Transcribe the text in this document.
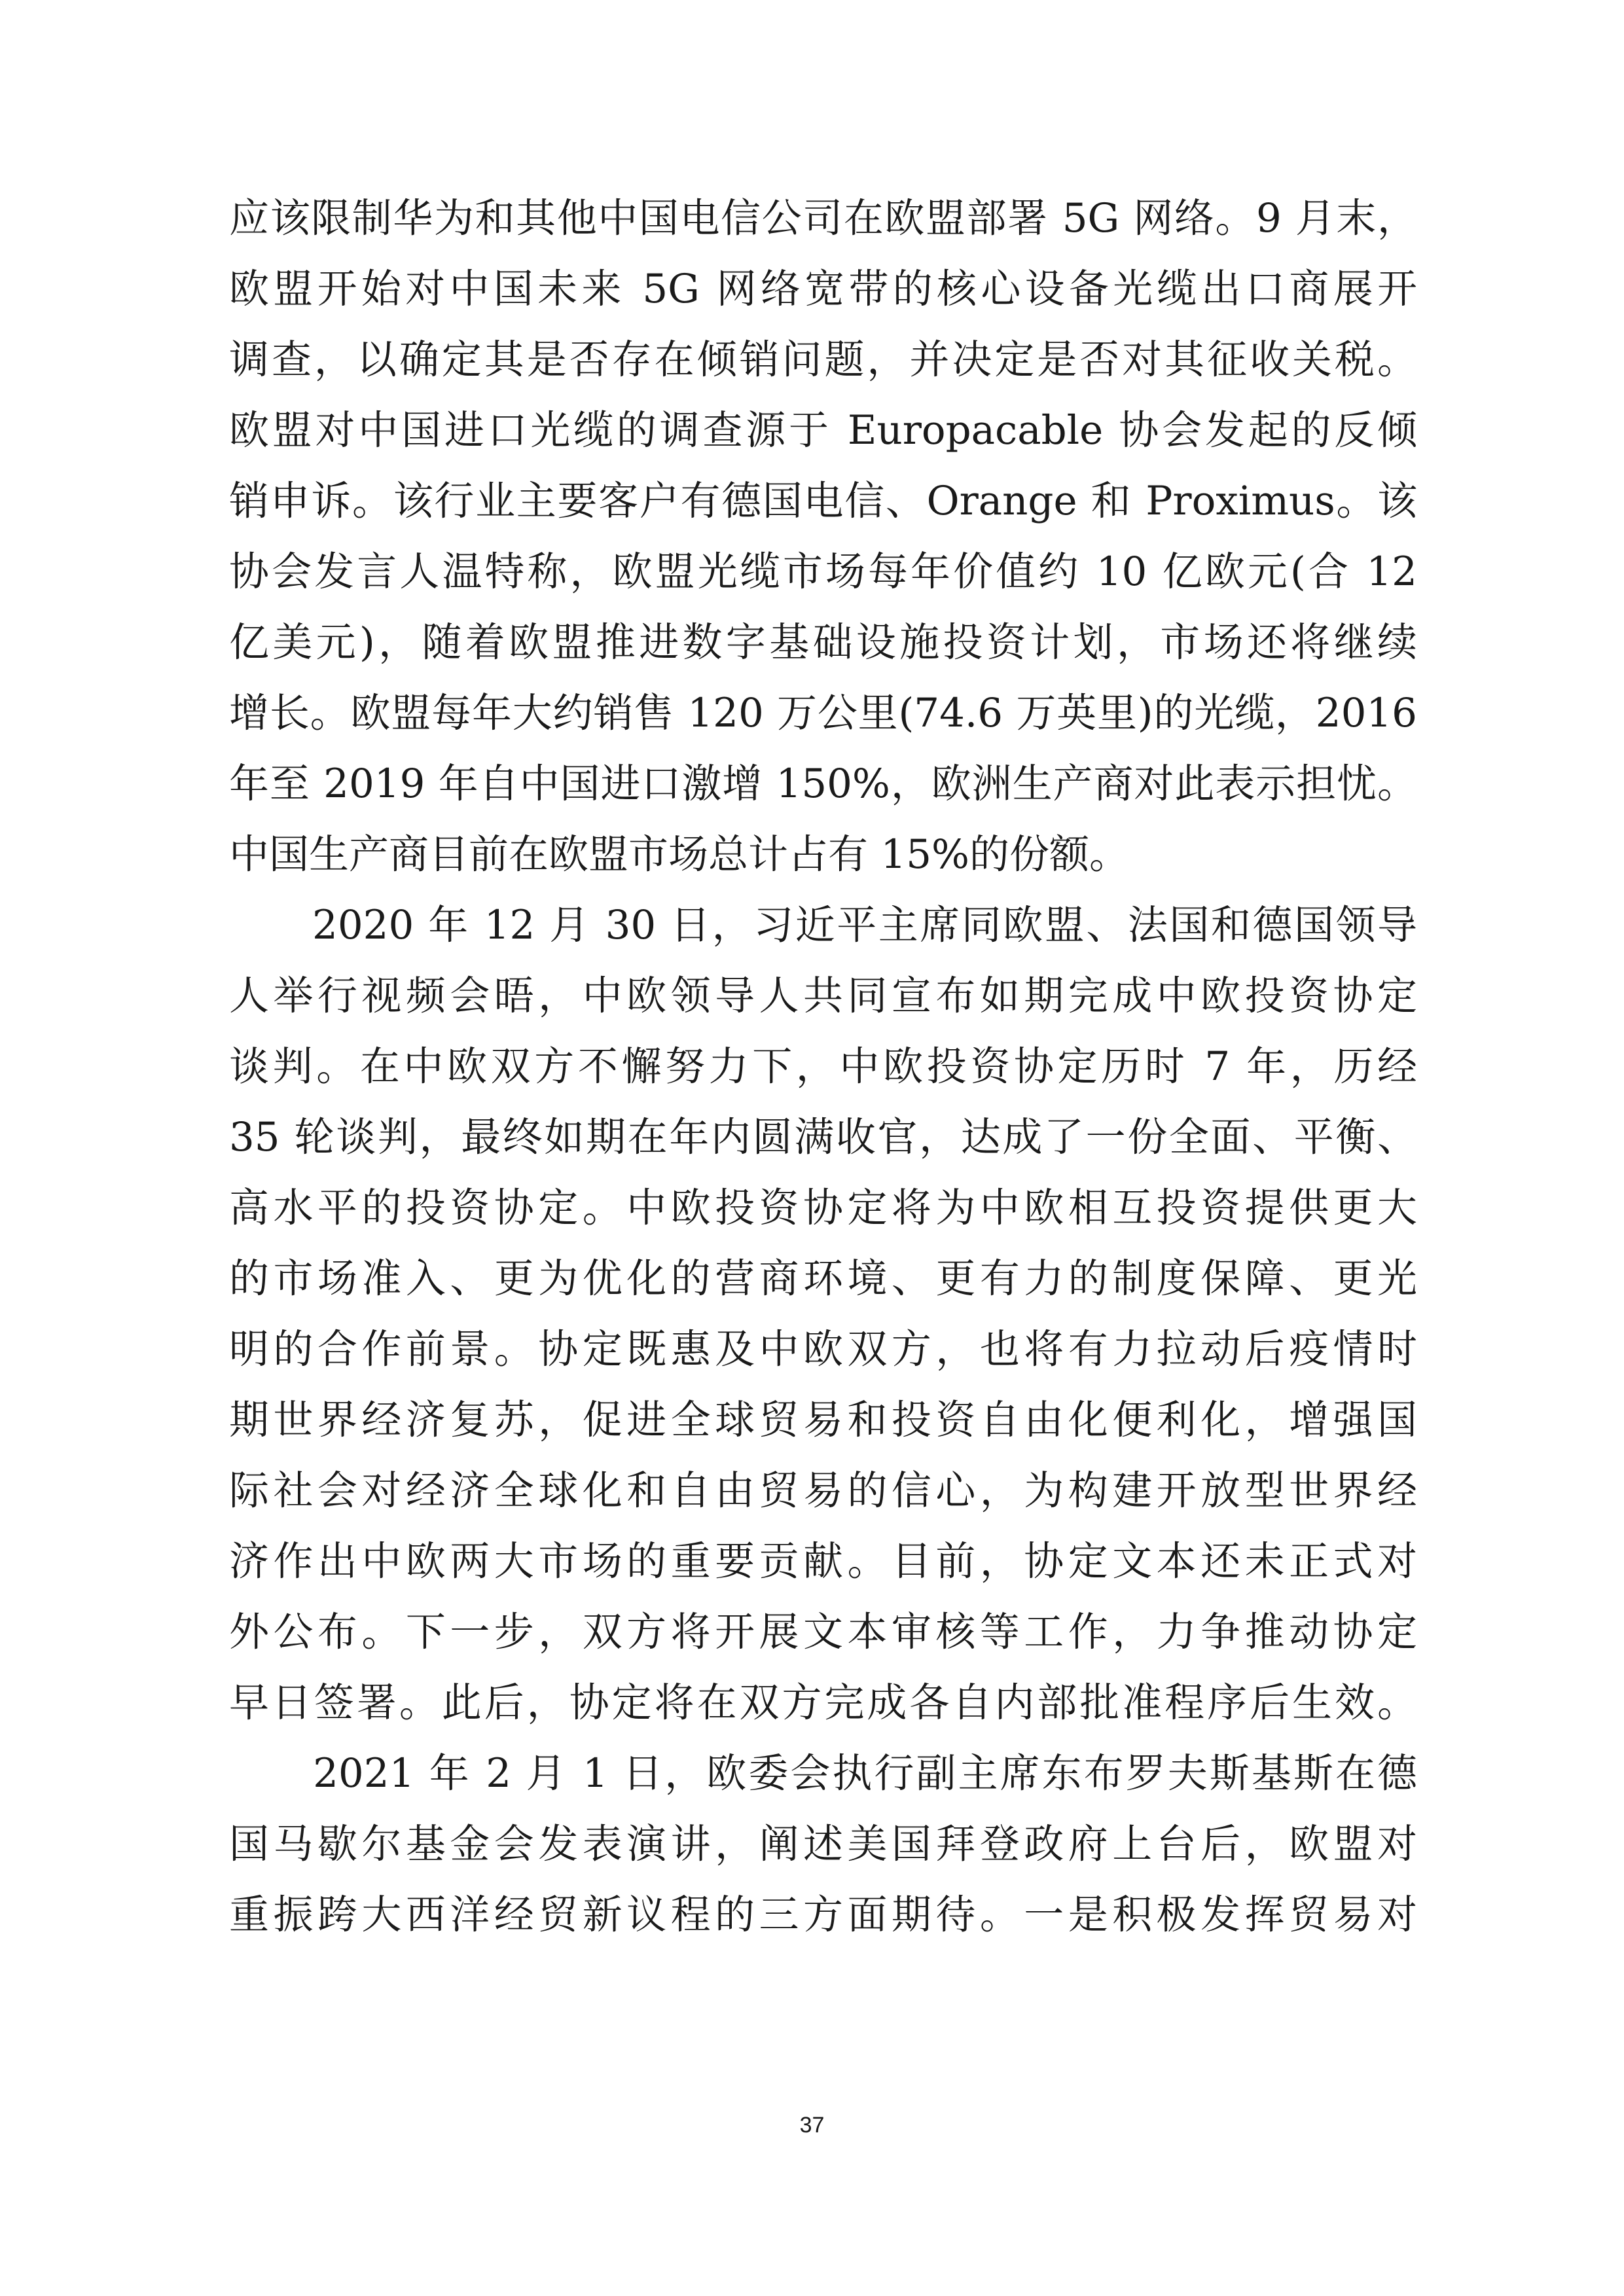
应该限制华为和其他中国电信公司在欧盟部署 5G 网络。9 月末，
欧盟开始对中国未来 5G 网络宽带的核心设备光缆出口商展开
调查，以确定其是否存在倾销问题，并决定是否对其征收关税。
欧盟对中国进口光缆的调查源于 Europacable 协会发起的反倾
销申诉。该行业主要客户有德国电信、Orange 和 Proximus。该
协会发言人温特称，欧盟光缆市场每年价值约 10 亿欧元(合 12
亿美元)，随着欧盟推进数字基础设施投资计划，市场还将继续
增长。欧盟每年大约销售 120 万公里(74.6 万英里)的光缆，2016
年至 2019 年自中国进口激增 150%，欧洲生产商对此表示担忧。
中国生产商目前在欧盟市场总计占有 15%的份额。
　　2020 年 12 月 30 日，习近平主席同欧盟、法国和德国领导
人举行视频会晤，中欧领导人共同宣布如期完成中欧投资协定
谈判。在中欧双方不懈努力下，中欧投资协定历时 7 年，历经
35 轮谈判，最终如期在年内圆满收官，达成了一份全面、平衡、
高水平的投资协定。中欧投资协定将为中欧相互投资提供更大
的市场准入、更为优化的营商环境、更有力的制度保障、更光
明的合作前景。协定既惠及中欧双方，也将有力拉动后疫情时
期世界经济复苏，促进全球贸易和投资自由化便利化，增强国
际社会对经济全球化和自由贸易的信心，为构建开放型世界经
济作出中欧两大市场的重要贡献。目前，协定文本还未正式对
外公布。下一步，双方将开展文本审核等工作，力争推动协定
早日签署。此后，协定将在双方完成各自内部批准程序后生效。
　　2021 年 2 月 1 日，欧委会执行副主席东布罗夫斯基斯在德
国马歇尔基金会发表演讲，阐述美国拜登政府上台后，欧盟对
重振跨大西洋经贸新议程的三方面期待。一是积极发挥贸易对
37
